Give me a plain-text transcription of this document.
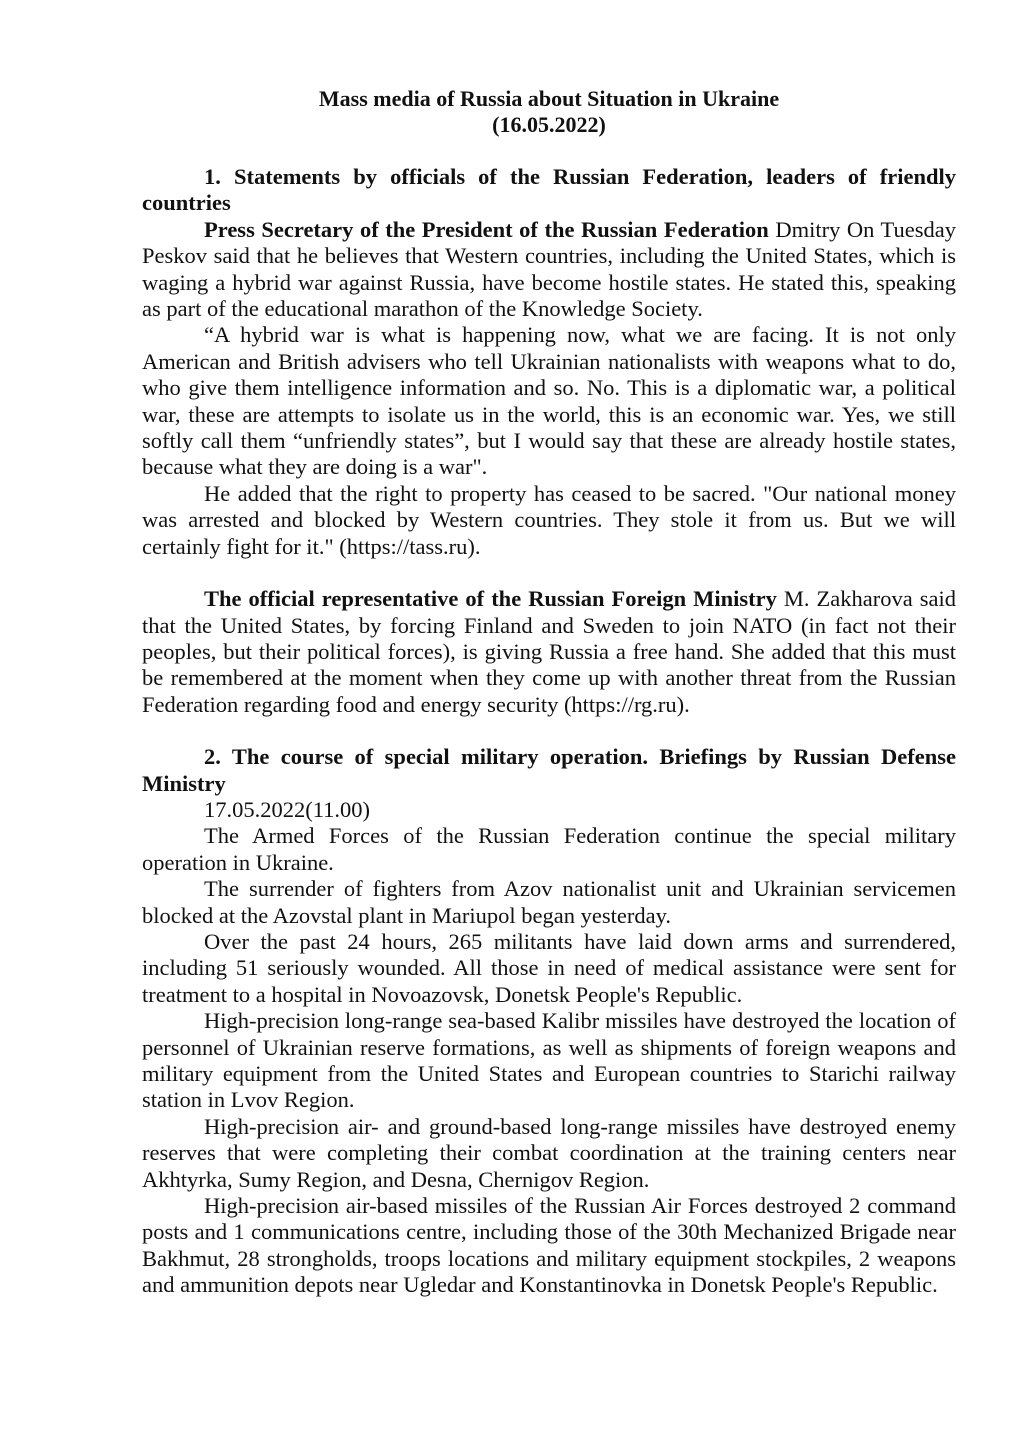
Mass media of Russia about Situation in Ukraine
(16.05.2022)
1. Statements by officials of the Russian Federation, leaders of friendly countries

Press Secretary of the President of the Russian Federation Dmitry On Tuesday Peskov said that he believes that Western countries, including the United States, which is waging a hybrid war against Russia, have become hostile states. He stated this, speaking as part of the educational marathon of the Knowledge Society.

“A hybrid war is what is happening now, what we are facing. It is not only American and British advisers who tell Ukrainian nationalists with weapons what to do, who give them intelligence information and so. No. This is a diplomatic war, a political war, these are attempts to isolate us in the world, this is an economic war. Yes, we still softly call them “unfriendly states”, but I would say that these are already hostile states, because what they are doing is a war".

He added that the right to property has ceased to be sacred. "Our national money was arrested and blocked by Western countries. They stole it from us. But we will certainly fight for it." (https://tass.ru).

The official representative of the Russian Foreign Ministry M. Zakharova said that the United States, by forcing Finland and Sweden to join NATO (in fact not their peoples, but their political forces), is giving Russia a free hand. She added that this must be remembered at the moment when they come up with another threat from the Russian Federation regarding food and energy security (https://rg.ru).

2. The course of special military operation. Briefings by Russian Defense Ministry
17.05.2022(11.00)

The Armed Forces of the Russian Federation continue the special military operation in Ukraine.

The surrender of fighters from Azov nationalist unit and Ukrainian servicemen blocked at the Azovstal plant in Mariupol began yesterday.

Over the past 24 hours, 265 militants have laid down arms and surrendered, including 51 seriously wounded. All those in need of medical assistance were sent for treatment to a hospital in Novoazovsk, Donetsk People's Republic.

High-precision long-range sea-based Kalibr missiles have destroyed the location of personnel of Ukrainian reserve formations, as well as shipments of foreign weapons and military equipment from the United States and European countries to Starichi railway station in Lvov Region.

High-precision air- and ground-based long-range missiles have destroyed enemy reserves that were completing their combat coordination at the training centers near Akhtyrka, Sumy Region, and Desna, Chernigov Region.

High-precision air-based missiles of the Russian Air Forces destroyed 2 command posts and 1 communications centre, including those of the 30th Mechanized Brigade near Bakhmut, 28 strongholds, troops locations and military equipment stockpiles, 2 weapons and ammunition depots near Ugledar and Konstantinovka in Donetsk People's Republic.
